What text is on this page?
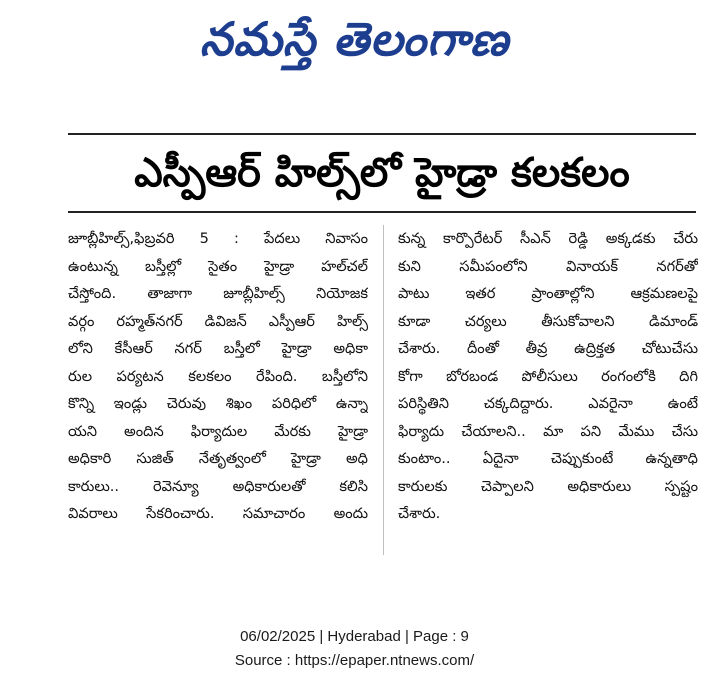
నమస్తే తెలంగాణ
ఎస్పీఆర్ హిల్స్‌లో హైడ్రా కలకలం
జూబ్లీహిల్స్,ఫిబ్రవరి 5 : పేదలు నివాసం
ఉంటున్న బస్తీల్లో సైతం హైడ్రా హల్‌చల్
చేస్తోంది. తాజాగా జూబ్లీహిల్స్ నియోజక
వర్గం రహ్మత్‌నగర్ డివిజన్ ఎస్పీఆర్ హిల్స్
లోని కేసీఆర్ నగర్ బస్తీలో హైడ్రా అధికా
రుల పర్యటన కలకలం రేపింది. బస్తీలోని
కొన్ని ఇండ్లు చెరువు శిఖం పరిధిలో ఉన్నా
యని అందిన ఫిర్యాదుల మేరకు హైడ్రా
అధికారి సుజిత్ నేతృత్వంలో హైడ్రా అధి
కారులు.. రెవెన్యూ అధికారులతో కలిసి
వివరాలు సేకరించారు. సమాచారం అందు
కున్న కార్పొరేటర్ సీఎన్ రెడ్డి అక్కడకు చేరు
కుని సమీపంలోని వినాయక్ నగర్‌తో
పాటు ఇతర ప్రాంతాల్లోని ఆక్రమణలపై
కూడా చర్యలు తీసుకోవాలని డిమాండ్
చేశారు. దీంతో తీవ్ర ఉద్రిక్తత చోటుచేసు
కోగా బోరబండ పోలీసులు రంగంలోకి దిగి
పరిస్థితిని చక్కదిద్దారు. ఎవరైనా ఉంటే
ఫిర్యాదు చేయాలని.. మా పని మేము చేసు
కుంటాం.. ఏదైనా చెప్పుకుంటే ఉన్నతాధి
కారులకు చెప్పాలని అధికారులు స్పష్టం
చేశారు.
06/02/2025 | Hyderabad | Page : 9
Source : https://epaper.ntnews.com/
